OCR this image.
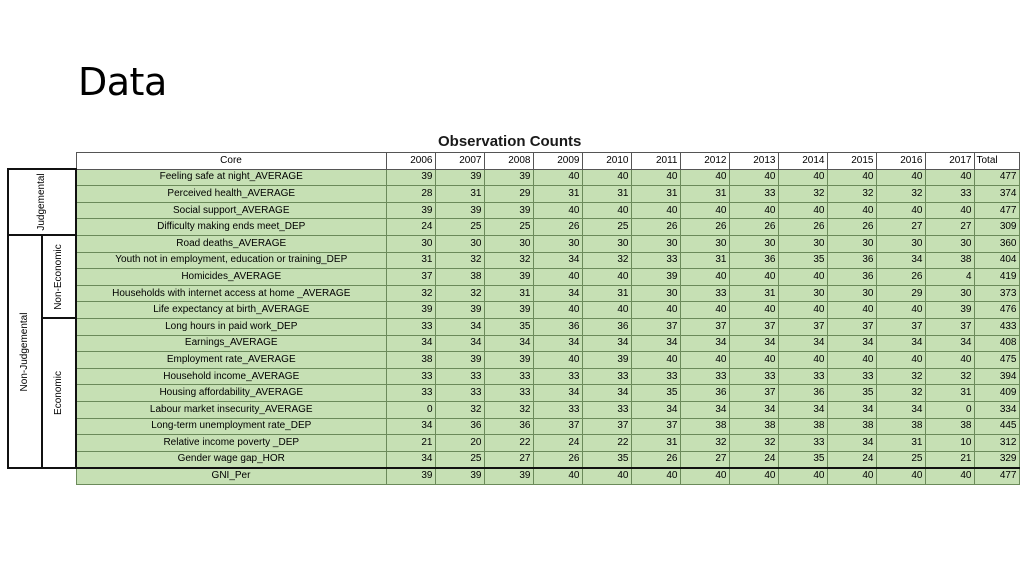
Data
Observation Counts
		Core	2006	2007	2008	2009	2010	2011	2012	2013	2014	2015	2016	2017	Total

Judgemental		Feeling safe at night_AVERAGE	39	39	39	40	40	40	40	40	40	40	40	40	477
		Perceived health_AVERAGE	28	31	29	31	31	31	31	33	32	32	32	33	374
		Social support_AVERAGE	39	39	39	40	40	40	40	40	40	40	40	40	477
		Difficulty making ends meet_DEP	24	25	25	26	25	26	26	26	26	26	27	27	309

Non-Judgemental	Non-Economic	Road deaths_AVERAGE	30	30	30	30	30	30	30	30	30	30	30	30	360
		Youth not in employment, education or training_DEP	31	32	32	34	32	33	31	36	35	36	34	38	404
		Homicides_AVERAGE	37	38	39	40	40	39	40	40	40	36	26	4	419
		Households with internet access at home _AVERAGE	32	32	31	34	31	30	33	31	30	30	29	30	373
		Life expectancy at birth_AVERAGE	39	39	39	40	40	40	40	40	40	40	40	39	476

	Economic	Long hours in paid work_DEP	33	34	35	36	36	37	37	37	37	37	37	37	433
		Earnings_AVERAGE	34	34	34	34	34	34	34	34	34	34	34	34	408
		Employment rate_AVERAGE	38	39	39	40	39	40	40	40	40	40	40	40	475
		Household income_AVERAGE	33	33	33	33	33	33	33	33	33	33	32	32	394
		Housing affordability_AVERAGE	33	33	33	34	34	35	36	37	36	35	32	31	409
		Labour market insecurity_AVERAGE	0	32	32	33	33	34	34	34	34	34	34	0	334
		Long-term unemployment rate_DEP	34	36	36	37	37	37	38	38	38	38	38	38	445
		Relative income poverty _DEP	21	20	22	24	22	31	32	32	33	34	31	10	312
		Gender wage gap_HOR	34	25	27	26	35	26	27	24	35	24	25	21	329
		GNI_Per	39	39	39	40	40	40	40	40	40	40	40	40	477
